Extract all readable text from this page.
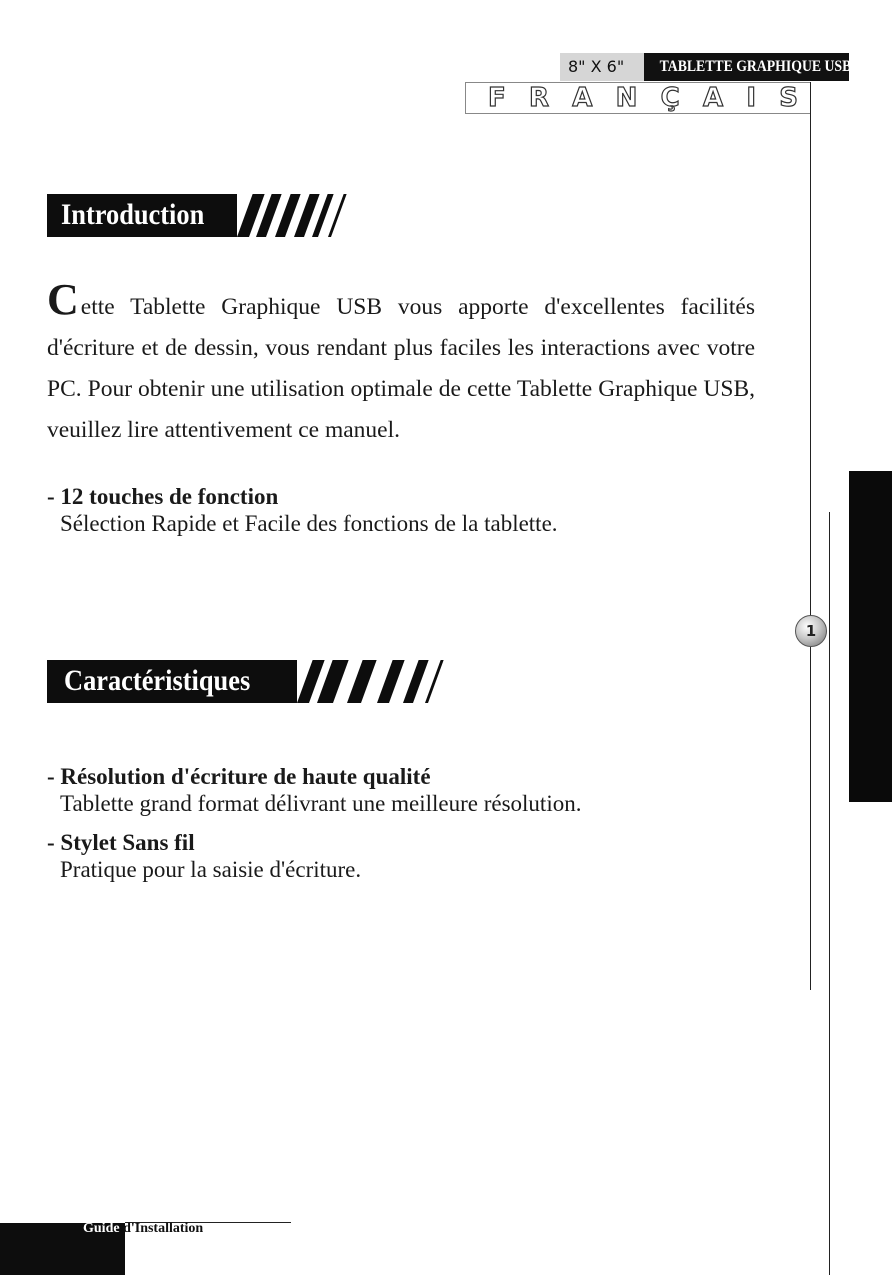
8" X 6"	TABLETTE GRAPHIQUE USB
F R A N Ç A I S
1
Introduction
Cette Tablette Graphique USB vous apporte d'excellentes facilités d'écriture et de dessin, vous rendant plus faciles les interactions avec votre PC. Pour obtenir une utilisation optimale de cette Tablette Graphique USB, veuillez lire attentivement ce manuel.
- 12 touches de fonction
Sélection Rapide et Facile des fonctions de la tablette.
Caractéristiques
- Résolution d'écriture de haute qualité
Tablette grand format délivrant une meilleure résolution.
- Stylet Sans fil
Pratique pour la saisie d'écriture.
Guide d'Installation
